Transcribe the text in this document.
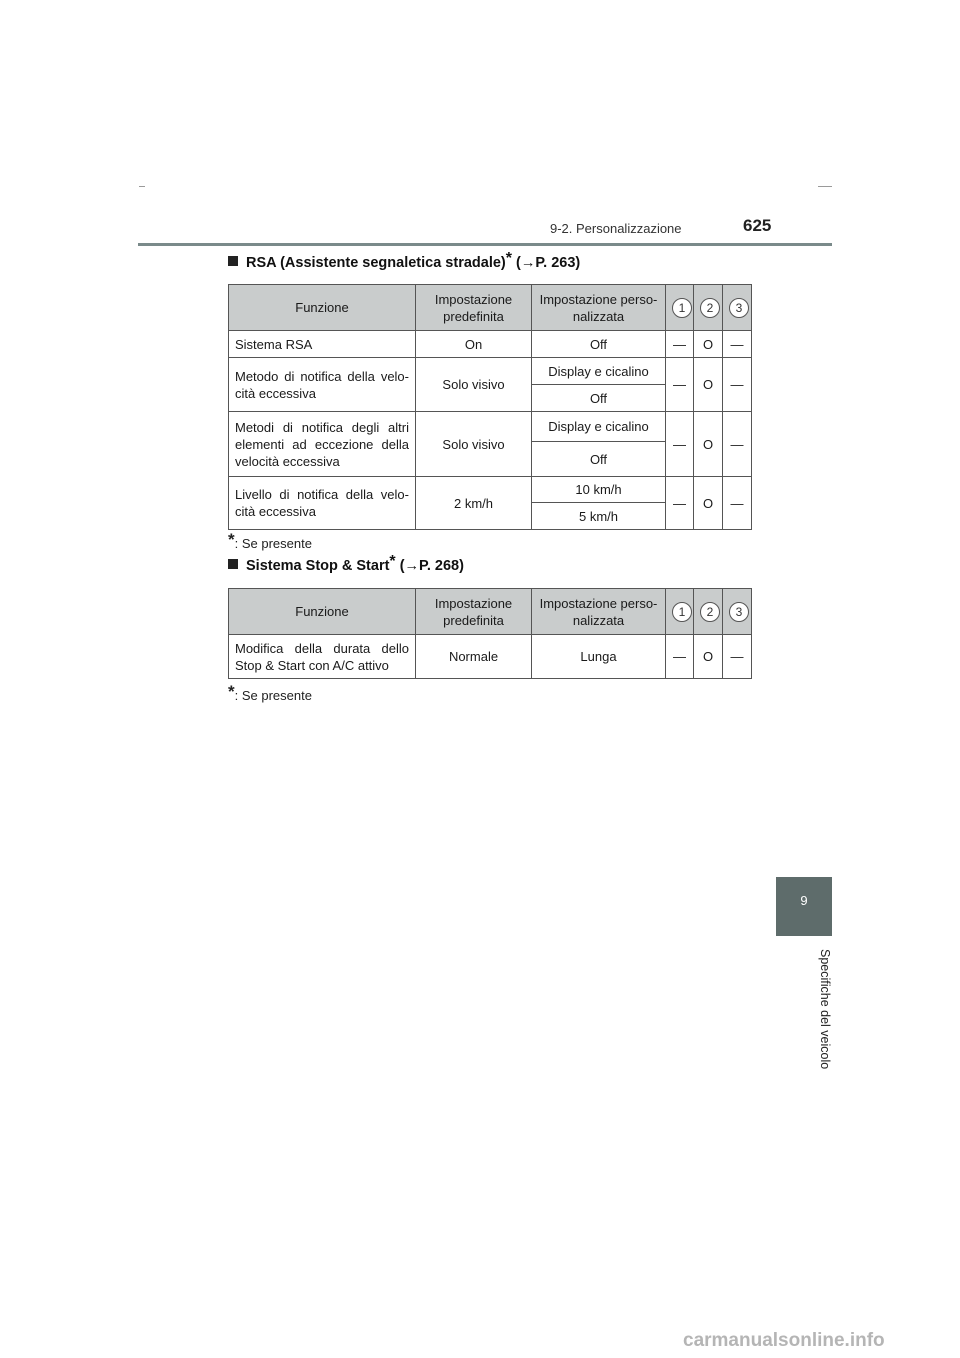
9-2. Personalizzazione	625
RSA (Assistente segnaletica stradale)* (→P. 263)
Funzione	Impostazione predefinita	Impostazione perso- nalizzata	1	2	3
Sistema RSA	On	Off	—	O	—
Metodo di notifica della velo- cità eccessiva	Solo visivo	Display e cicalino	—	O	—
		Off			
Metodi di notifica degli altri elementi ad eccezione della velocità eccessiva	Solo visivo	Display e cicalino	—	O	—
		Off			
Livello di notifica della velo- cità eccessiva	2 km/h	10 km/h	—	O	—
		5 km/h			
*: Se presente
Sistema Stop & Start* (→P. 268)
Funzione	Impostazione predefinita	Impostazione perso- nalizzata	1	2	3
Modifica della durata dello Stop & Start con A/C attivo	Normale	Lunga	—	O	—
*: Se presente
9
Specifiche del veicolo
carmanualsonline.info
